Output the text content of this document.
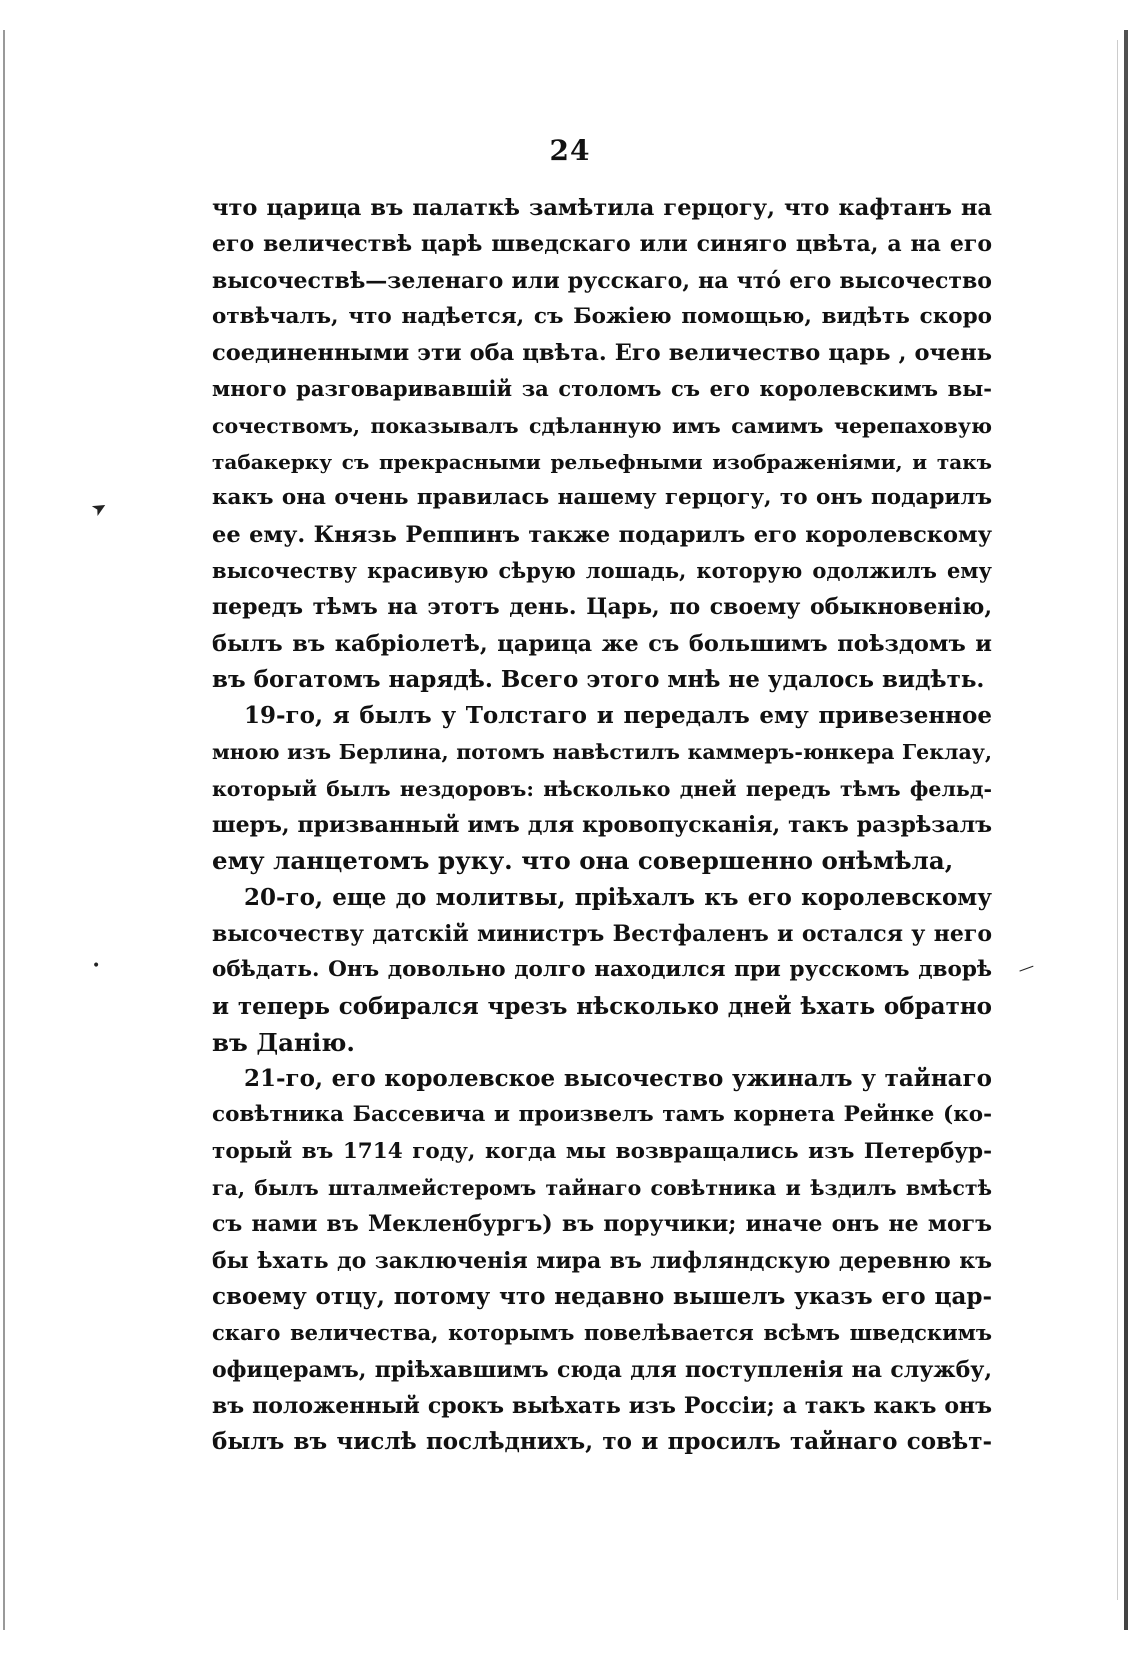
24
что царица въ палаткѣ замѣтила герцогу, что кафтанъ на
его величествѣ царѣ шведскаго или синяго цвѣта, а на его
высочествѣ—зеленаго или русскаго, на что́ его высочество
отвѣчалъ, что надѣется, съ Божіею помощью, видѣть скоро
соединенными эти оба цвѣта. Его величество царь , очень
много разговаривавшій за столомъ съ его королевскимъ вы-
сочествомъ, показывалъ сдѣланную имъ самимъ черепаховую
табакерку съ прекрасными рельефными изображеніями, и такъ
какъ она очень правилась нашему герцогу, то онъ подарилъ
ее ему. Князь Реппинъ также подарилъ его королевскому
высочеству красивую сѣрую лошадь, которую одолжилъ ему
передъ тѣмъ на этотъ день. Царь, по своему обыкновенію,
былъ въ кабріолетѣ, царица же съ большимъ поѣздомъ и
въ богатомъ нарядѣ. Всего этого мнѣ не удалось видѣть.
19-го, я былъ у Толстаго и передалъ ему привезенное
мною изъ Берлина, потомъ навѣстилъ каммеръ-юнкера Геклау,
который былъ нездоровъ: нѣсколько дней передъ тѣмъ фельд-
шеръ, призванный имъ для кровопусканія, такъ разрѣзалъ
ему ланцетомъ руку. что она совершенно онѣмѣла,
20-го, еще до молитвы, пріѣхалъ къ его королевскому
высочеству датскій министръ Вестфаленъ и остался у него
обѣдать. Онъ довольно долго находился при русскомъ дворѣ
и теперь собирался чрезъ нѣсколько дней ѣхать обратно
въ Данію.
21-го, его королевское высочество ужиналъ у тайнаго
совѣтника Бассевича и произвелъ тамъ корнета Рейнке (ко-
торый въ 1714 году, когда мы возвращались изъ Петербур-
га, былъ шталмейстеромъ тайнаго совѣтника и ѣздилъ вмѣстѣ
съ нами въ Мекленбургъ) въ поручики; иначе онъ не могъ
бы ѣхать до заключенія мира въ лифляндскую деревню къ
своему отцу, потому что недавно вышелъ указъ его цар-
скаго величества, которымъ повелѣвается всѣмъ шведскимъ
офицерамъ, пріѣхавшимъ сюда для поступленія на службу,
въ положенный срокъ выѣхать изъ Россіи; а такъ какъ онъ
былъ въ числѣ послѣднихъ, то и просилъ тайнаго совѣт-
➤
•	—
